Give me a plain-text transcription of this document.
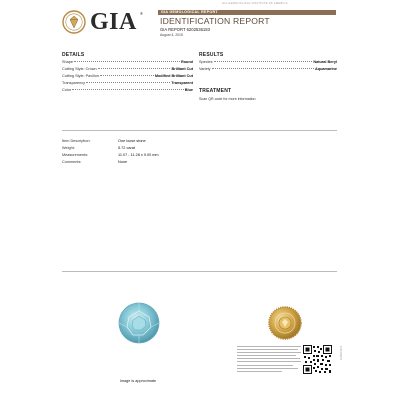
GIA GEMOLOGICAL INSTITUTE OF AMERICA
GIA ®	GIA GEMOLOGICAL REPORT
IDENTIFICATION REPORT
GIA REPORT 6202536183
August 4, 2015
DETAILS
Shape	Round
Cutting Style: Crown	Brilliant Cut
Cutting Style: Pavilion	Modified Brilliant Cut
Transparency	Transparent
Color	Blue
RESULTS
Species	Natural Beryl
Variety	Aquamarine
TREATMENT
Scan QR code for more information
Item Description:	One loose stone
Weight:	5.72 carat
Measurements:	11.07 - 11.28 x 9.00 mm
Comments:	None
Image is approximate
1106031179
